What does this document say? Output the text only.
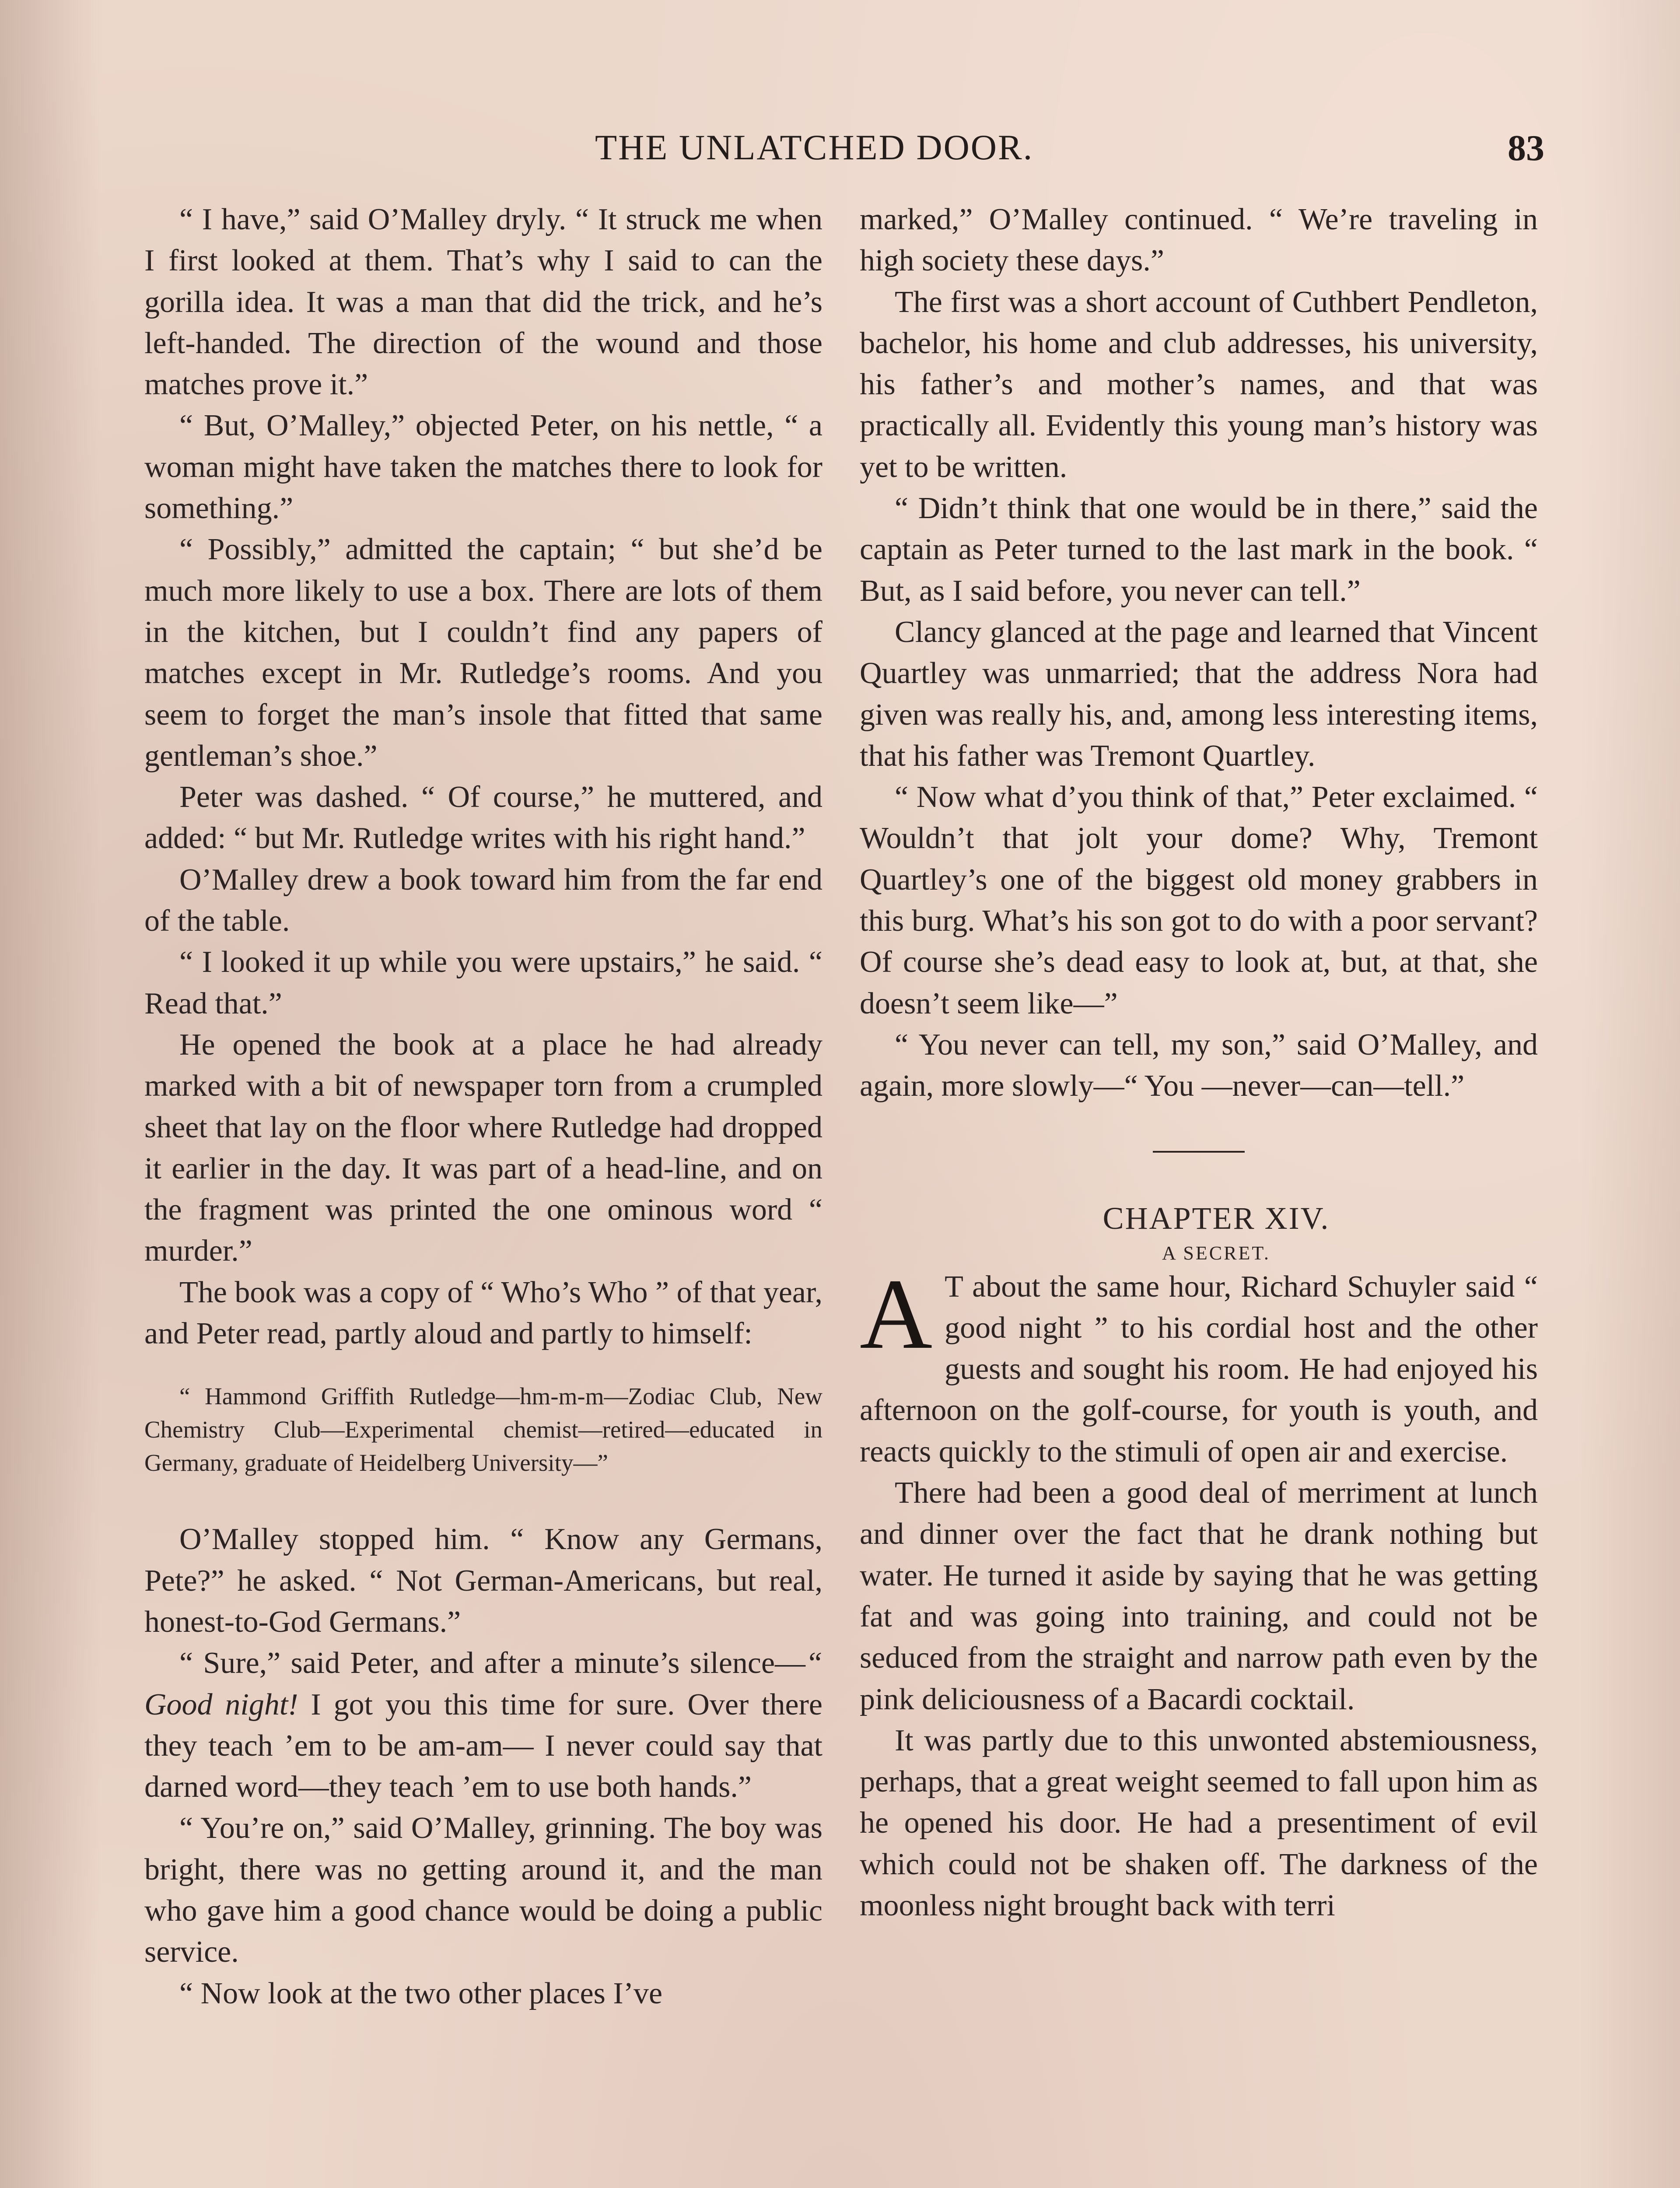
THE UNLATCHED DOOR.	83

“ I have,” said O’Malley dryly. “ It struck me when I first looked at them. That’s why I said to can the gorilla idea. It was a man that did the trick, and he’s left-handed. The direction of the wound and those matches prove it.”

“ But, O’Malley,” objected Peter, on his nettle, “ a woman might have taken the matches there to look for something.”

“ Possibly,” admitted the captain; “ but she’d be much more likely to use a box. There are lots of them in the kitchen, but I couldn’t find any papers of matches except in Mr. Rutledge’s rooms. And you seem to forget the man’s insole that fitted that same gentleman’s shoe.”

Peter was dashed. “ Of course,” he muttered, and added: “ but Mr. Rutledge writes with his right hand.”

O’Malley drew a book toward him from the far end of the table.

“ I looked it up while you were upstairs,” he said. “ Read that.”

He opened the book at a place he had already marked with a bit of newspaper torn from a crumpled sheet that lay on the floor where Rutledge had dropped it earlier in the day. It was part of a head-line, and on the fragment was printed the one ominous word “ murder.”

The book was a copy of “ Who’s Who ” of that year, and Peter read, partly aloud and partly to himself:

“ Hammond Griffith Rutledge—hm-m-m—Zodiac Club, New Chemistry Club—Experimental chemist—retired—educated in Germany, graduate of Heidelberg University—”

O’Malley stopped him. “ Know any Germans, Pete?” he asked. “ Not German-Americans, but real, honest-to-God Germans.”

“ Sure,” said Peter, and after a minute’s silence—“ Good night! I got you this time for sure. Over there they teach ’em to be am-am— I never could say that darned word—they teach ’em to use both hands.”

“ You’re on,” said O’Malley, grinning. The boy was bright, there was no getting around it, and the man who gave him a good chance would be doing a public service.

“ Now look at the two other places I’ve

marked,” O’Malley continued. “ We’re traveling in high society these days.”

The first was a short account of Cuthbert Pendleton, bachelor, his home and club addresses, his university, his father’s and mother’s names, and that was practically all. Evidently this young man’s history was yet to be written.

“ Didn’t think that one would be in there,” said the captain as Peter turned to the last mark in the book. “ But, as I said before, you never can tell.”

Clancy glanced at the page and learned that Vincent Quartley was unmarried; that the address Nora had given was really his, and, among less interesting items, that his father was Tremont Quartley.

“ Now what d’you think of that,” Peter exclaimed. “ Wouldn’t that jolt your dome? Why, Tremont Quartley’s one of the biggest old money grabbers in this burg. What’s his son got to do with a poor servant? Of course she’s dead easy to look at, but, at that, she doesn’t seem like—”

“ You never can tell, my son,” said O’Malley, and again, more slowly—“ You —never—can—tell.”

CHAPTER XIV.

A SECRET.

A T about the same hour, Richard Schuyler said “ good night ” to his cordial host and the other guests and sought his room. He had enjoyed his afternoon on the golf-course, for youth is youth, and reacts quickly to the stimuli of open air and exercise.

There had been a good deal of merriment at lunch and dinner over the fact that he drank nothing but water. He turned it aside by saying that he was getting fat and was going into training, and could not be seduced from the straight and narrow path even by the pink deliciousness of a Bacardi cocktail.

It was partly due to this unwonted abstemiousness, perhaps, that a great weight seemed to fall upon him as he opened his door. He had a presentiment of evil which could not be shaken off. The darkness of the moonless night brought back with terri
